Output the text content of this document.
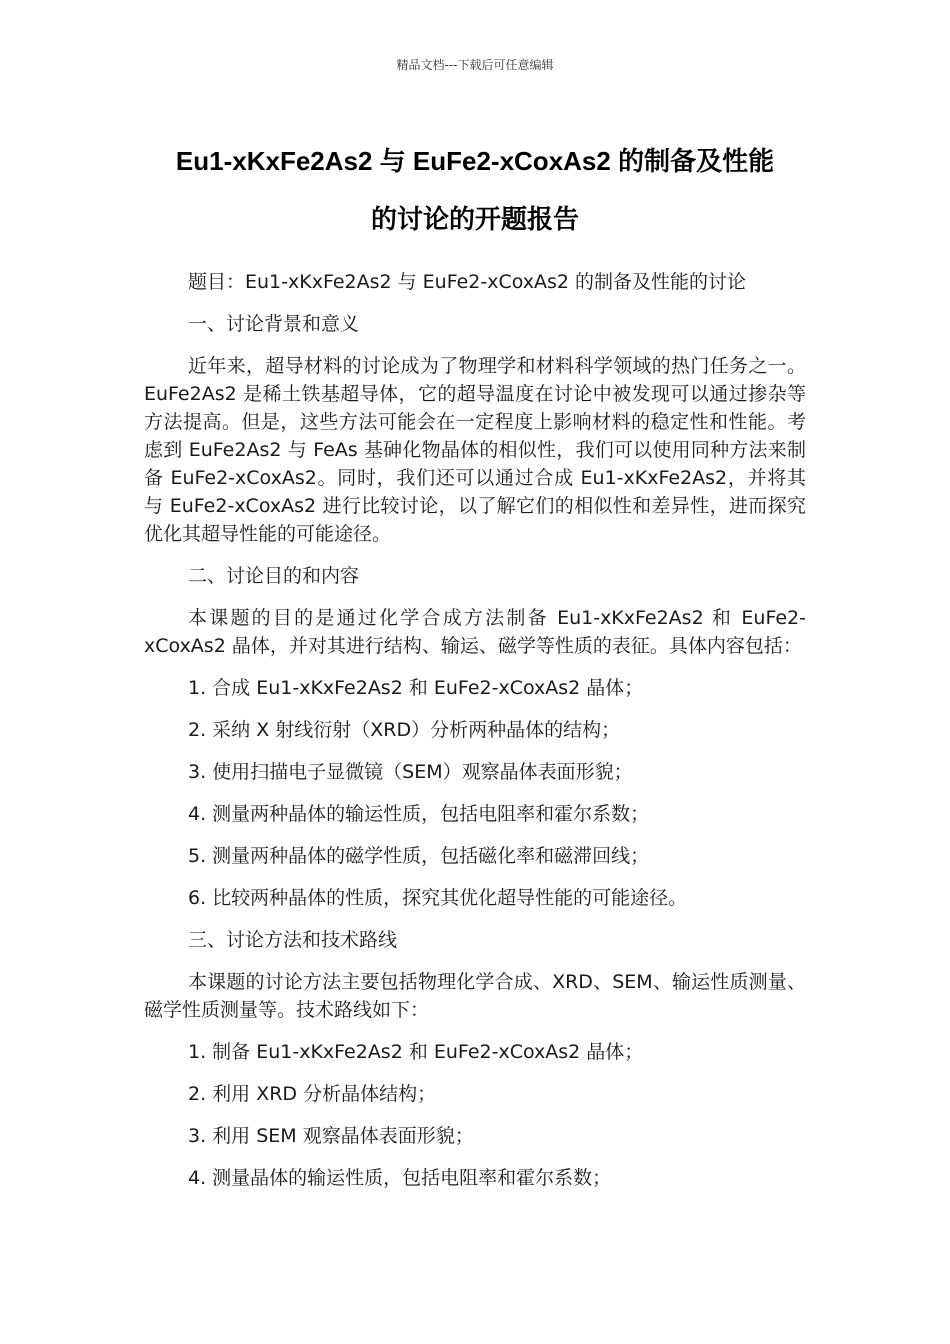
精品文档---下载后可任意编辑
Eu1-xKxFe2As2 与 EuFe2-xCoxAs2 的制备及性能
的讨论的开题报告
题目：Eu1-xKxFe2As2 与 EuFe2-xCoxAs2 的制备及性能的讨论
一、讨论背景和意义

近年来，超导材料的讨论成为了物理学和材料科学领域的热门任务之一。EuFe2As2 是稀土铁基超导体，它的超导温度在讨论中被发现可以通过掺杂等方法提高。但是，这些方法可能会在一定程度上影响材料的稳定性和性能。考虑到 EuFe2As2 与 FeAs 基砷化物晶体的相似性，我们可以使用同种方法来制备 EuFe2-xCoxAs2。同时，我们还可以通过合成 Eu1-xKxFe2As2，并将其与 EuFe2-xCoxAs2 进行比较讨论，以了解它们的相似性和差异性，进而探究优化其超导性能的可能途径。

二、讨论目的和内容

本课题的目的是通过化学合成方法制备 Eu1-xKxFe2As2 和 EuFe2-xCoxAs2 晶体，并对其进行结构、输运、磁学等性质的表征。具体内容包括：

1. 合成 Eu1-xKxFe2As2 和 EuFe2-xCoxAs2 晶体；
2. 采纳 X 射线衍射（XRD）分析两种晶体的结构；
3. 使用扫描电子显微镜（SEM）观察晶体表面形貌；
4. 测量两种晶体的输运性质，包括电阻率和霍尔系数；
5. 测量两种晶体的磁学性质，包括磁化率和磁滞回线；
6. 比较两种晶体的性质，探究其优化超导性能的可能途径。
三、讨论方法和技术路线

本课题的讨论方法主要包括物理化学合成、XRD、SEM、输运性质测量、磁学性质测量等。技术路线如下：

1. 制备 Eu1-xKxFe2As2 和 EuFe2-xCoxAs2 晶体；
2. 利用 XRD 分析晶体结构；
3. 利用 SEM 观察晶体表面形貌；
4. 测量晶体的输运性质，包括电阻率和霍尔系数；
